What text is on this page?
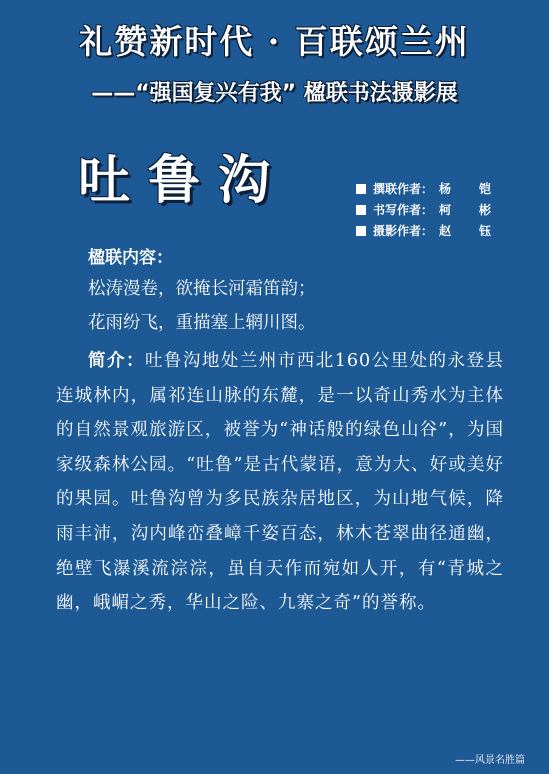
礼赞新时代 · 百联颂兰州
——“强国复兴有我” 楹联书法摄影展
吐鲁沟	撰联作者： 杨　铠
书写作者： 柯　彬
摄影作者： 赵　钰
楹联内容：
松涛漫卷，欲掩长河霜笛韵；
花雨纷飞，重描塞上辋川图。
简介：吐鲁沟地处兰州市西北160公里处的永登县连城林内，属祁连山脉的东麓，是一以奇山秀水为主体的自然景观旅游区，被誉为“神话般的绿色山谷”，为国家级森林公园。“吐鲁”是古代蒙语，意为大、好或美好的果园。吐鲁沟曾为多民族杂居地区，为山地气候，降雨丰沛，沟内峰峦叠嶂千姿百态，林木苍翠曲径通幽，绝壁飞瀑溪流淙淙，虽自天作而宛如人开，有“青城之幽，峨嵋之秀，华山之险、九寨之奇”的誉称。
——风景名胜篇
